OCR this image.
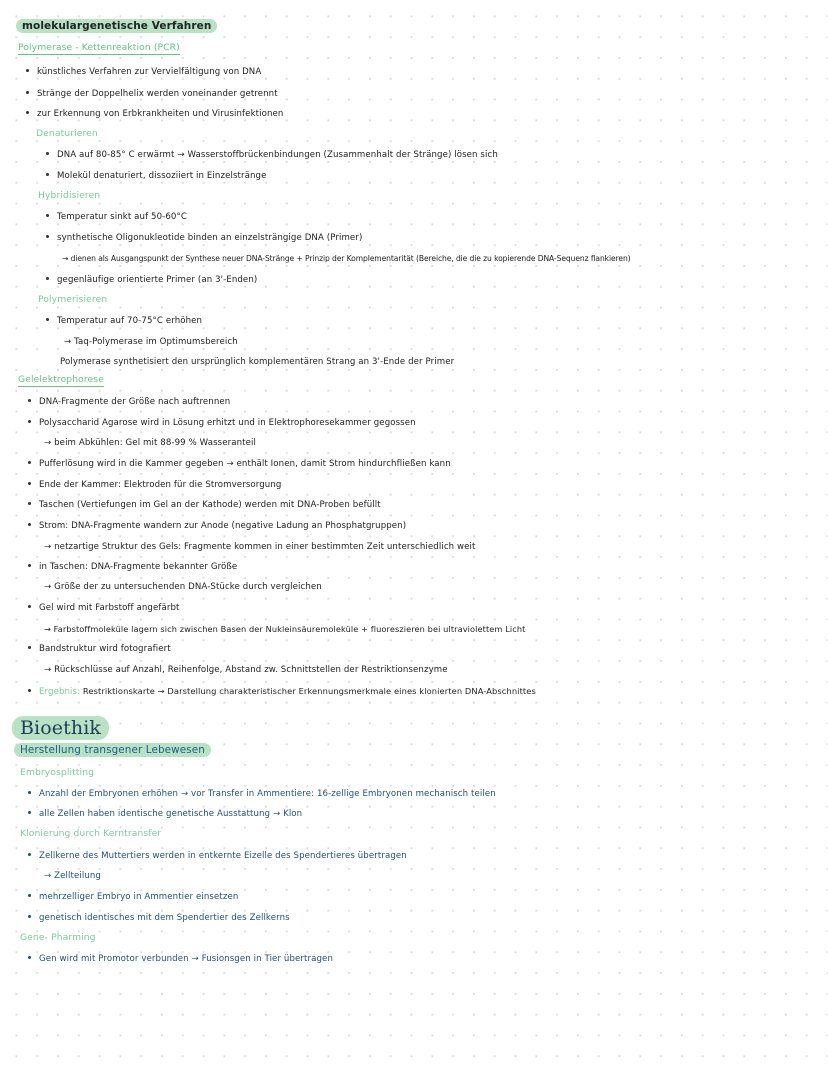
molekulargenetische Verfahren
Polymerase - Kettenreaktion (PCR)
künstliches Verfahren zur Vervielfältigung von DNA
Stränge der Doppelhelix werden voneinander getrennt
zur Erkennung von Erbkrankheiten und Virusinfektionen
Denaturieren
DNA auf 80-85° C erwärmt → Wasserstoffbrückenbindungen (Zusammenhalt der Stränge) lösen sich
Molekül denaturiert, dissoziiert in Einzelstränge
Hybridisieren
Temperatur sinkt auf 50-60°C
synthetische Oligonukleotide binden an einzelsträngige DNA (Primer)
→ dienen als Ausgangspunkt der Synthese neuer DNA-Stränge + Prinzip der Komplementarität (Bereiche, die die zu kopierende DNA-Sequenz flankieren)
gegenläufige orientierte Primer (an 3'-Enden)
Polymerisieren
Temperatur auf 70-75°C erhöhen
→ Taq-Polymerase im Optimumsbereich
Polymerase synthetisiert den ursprünglich komplementären Strang an 3'-Ende der Primer
Gelelektrophorese
DNA-Fragmente der Größe nach auftrennen
Polysaccharid Agarose wird in Lösung erhitzt und in Elektrophoresekammer gegossen
→ beim Abkühlen: Gel mit 88-99 % Wasseranteil
Pufferlösung wird in die Kammer gegeben → enthält Ionen, damit Strom hindurchfließen kann
Ende der Kammer: Elektroden für die Stromversorgung
Taschen (Vertiefungen im Gel an der Kathode) werden mit DNA-Proben befüllt
Strom: DNA-Fragmente wandern zur Anode (negative Ladung an Phosphatgruppen)
→ netzartige Struktur des Gels: Fragmente kommen in einer bestimmten Zeit unterschiedlich weit
in Taschen: DNA-Fragmente bekannter Größe
→ Größe der zu untersuchenden DNA-Stücke durch vergleichen
Gel wird mit Farbstoff angefärbt
→ Farbstoffmoleküle lagern sich zwischen Basen der Nukleinsäuremoleküle + fluoreszieren bei ultraviolettem Licht
Bandstruktur wird fotografiert
→ Rückschlüsse auf Anzahl, Reihenfolge, Abstand zw. Schnittstellen der Restriktionsenzyme
Ergebnis: Restriktionskarte → Darstellung charakteristischer Erkennungsmerkmale eines klonierten DNA-Abschnittes
Bioethik
Herstellung transgener Lebewesen
Embryosplitting
Anzahl der Embryonen erhöhen → vor Transfer in Ammentiere: 16-zellige Embryonen mechanisch teilen
alle Zellen haben identische genetische Ausstattung → Klon
Klonierung durch Kerntransfer
Zellkerne des Muttertiers werden in entkernte Eizelle des Spendertieres übertragen
→ Zellteilung
mehrzelliger Embryo in Ammentier einsetzen
genetisch identisches mit dem Spendertier des Zellkerns
Gene- Pharming
Gen wird mit Promotor verbunden → Fusionsgen in Tier übertragen
